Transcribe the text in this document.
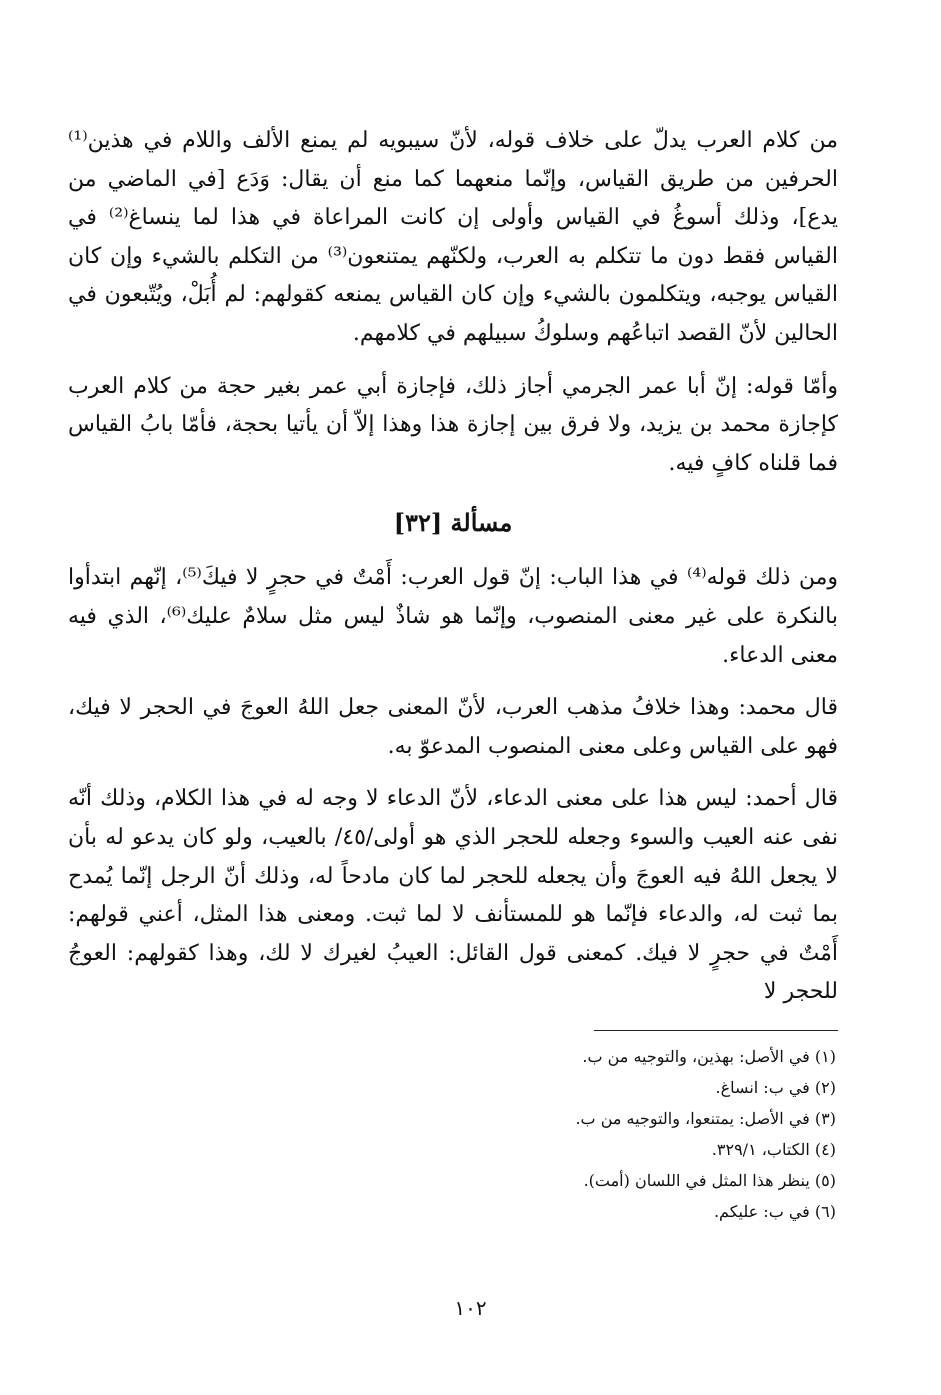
من كلام العرب يدلّ على خلاف قوله، لأنّ سيبويه لم يمنع الألف واللام في هذين⁽¹⁾ الحرفين من طريق القياس، وإنّما منعهما كما منع أن يقال: وَدَع [في الماضي من يدع]، وذلك أسوغُ في القياس وأولى إن كانت المراعاة في هذا لما ينساغ⁽²⁾ في القياس فقط دون ما تتكلم به العرب، ولكنّهم يمتنعون⁽³⁾ من التكلم بالشيء وإن كان القياس يوجبه، ويتكلمون بالشيء وإن كان القياس يمنعه كقولهم: لم أُبَلْ، ويُتّبعون في الحالين لأنّ القصد اتباعُهم وسلوكُ سبيلهم في كلامهم.

وأمّا قوله: إنّ أبا عمر الجرمي أجاز ذلك، فإجازة أبي عمر بغير حجة من كلام العرب كإجازة محمد بن يزيد، ولا فرق بين إجازة هذا وهذا إلاّ أن يأتيا بحجة، فأمّا بابُ القياس فما قلناه كافٍ فيه.

مسألة [٣٢]

ومن ذلك قوله⁽⁴⁾ في هذا الباب: إنّ قول العرب: أَمْتٌ في حجرٍ لا فيكَ⁽⁵⁾، إنّهم ابتدأوا بالنكرة على غير معنى المنصوب، وإنّما هو شاذٌ ليس مثل سلامٌ عليك⁽⁶⁾، الذي فيه معنى الدعاء.

قال محمد: وهذا خلافُ مذهب العرب، لأنّ المعنى جعل اللهُ العوجَ في الحجر لا فيك، فهو على القياس وعلى معنى المنصوب المدعوّ به.

قال أحمد: ليس هذا على معنى الدعاء، لأنّ الدعاء لا وجه له في هذا الكلام، وذلك أنّه نفى عنه العيب والسوء وجعله للحجر الذي هو أولى/٤٥/ بالعيب، ولو كان يدعو له بأن لا يجعل اللهُ فيه العوجَ وأن يجعله للحجر لما كان مادحاً له، وذلك أنّ الرجل إنّما يُمدح بما ثبت له، والدعاء فإنّما هو للمستأنف لا لما ثبت. ومعنى هذا المثل، أعني قولهم: أَمْتٌ في حجرٍ لا فيك. كمعنى قول القائل: العيبُ لغيرك لا لك، وهذا كقولهم: العوجُ للحجر لا

(١) في الأصل: بهذين، والتوجيه من ب.

(٢) في ب: انساغ.

(٣) في الأصل: يمتنعوا، والتوجيه من ب.

(٤) الكتاب، ٣٢٩/١.

(٥) ينظر هذا المثل في اللسان (أمت).

(٦) في ب: عليكم.

١٠٢
